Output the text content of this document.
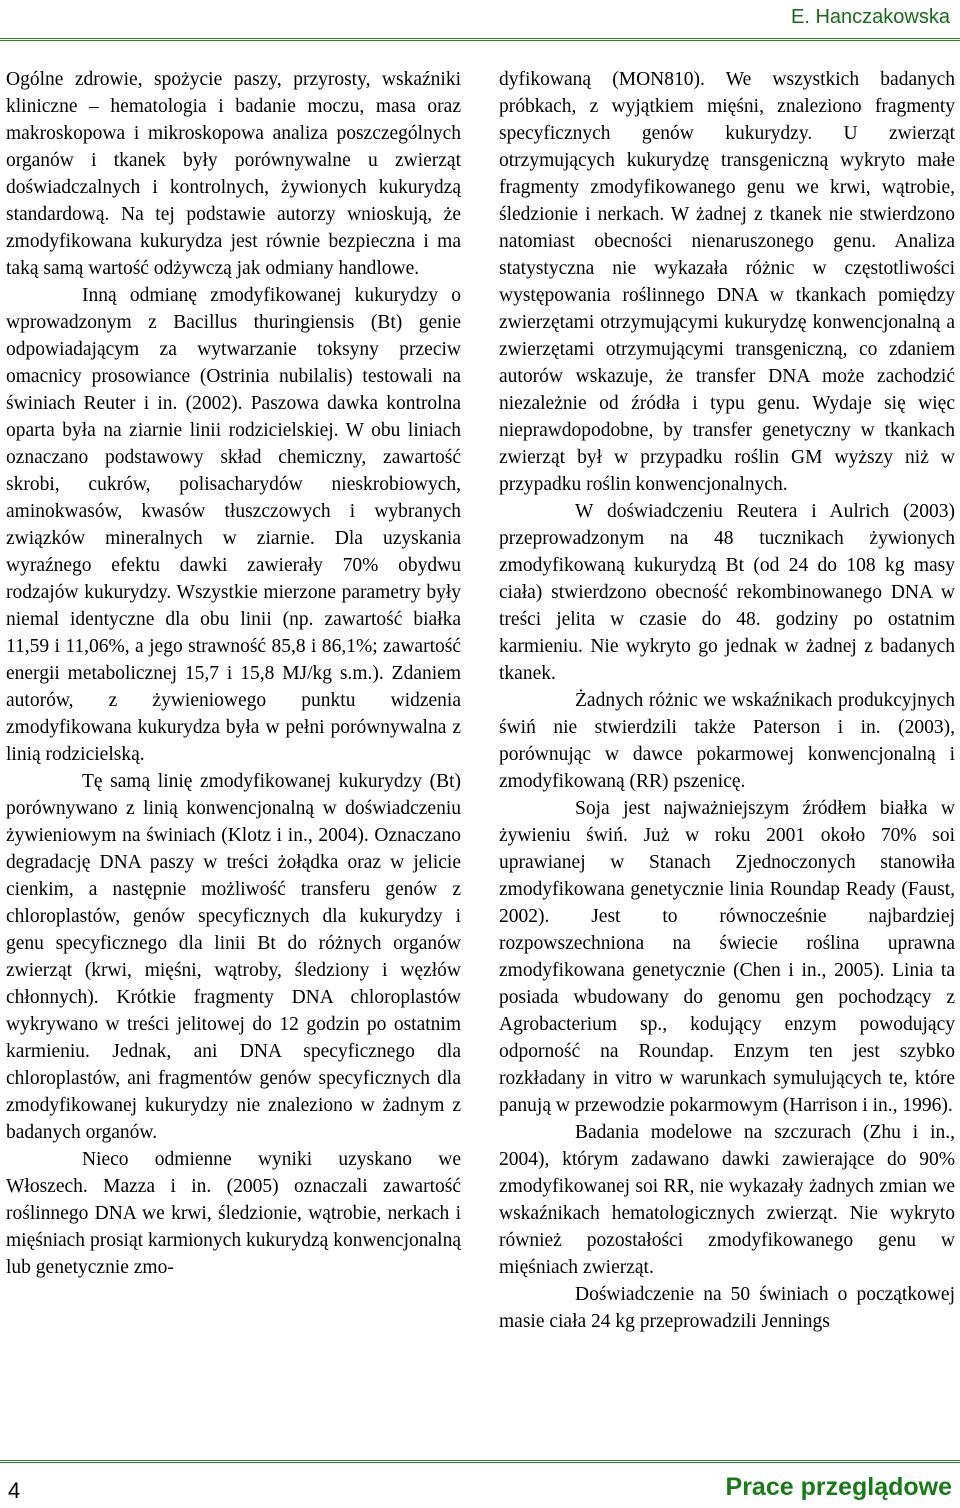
E. Hanczakowska

Ogólne zdrowie, spożycie paszy, przyrosty, wskaźniki kliniczne – hematologia i badanie moczu, masa oraz makroskopowa i mikroskopowa analiza poszczególnych organów i tkanek były porównywalne u zwierząt doświadczalnych i kontrolnych, żywionych kukurydzą standardową. Na tej podstawie autorzy wnioskują, że zmodyfikowana kukurydza jest równie bezpieczna i ma taką samą wartość odżywczą jak odmiany handlowe.

Inną odmianę zmodyfikowanej kukurydzy o wprowadzonym z Bacillus thuringiensis (Bt) genie odpowiadającym za wytwarzanie toksyny przeciw omacnicy prosowiance (Ostrinia nubilalis) testowali na świniach Reuter i in. (2002). Paszowa dawka kontrolna oparta była na ziarnie linii rodzicielskiej. W obu liniach oznaczano podstawowy skład chemiczny, zawartość skrobi, cukrów, polisacharydów nieskrobiowych, aminokwasów, kwasów tłuszczowych i wybranych związków mineralnych w ziarnie. Dla uzyskania wyraźnego efektu dawki zawierały 70% obydwu rodzajów kukurydzy. Wszystkie mierzone parametry były niemal identyczne dla obu linii (np. zawartość białka 11,59 i 11,06%, a jego strawność 85,8 i 86,1%; zawartość energii metabolicznej 15,7 i 15,8 MJ/kg s.m.). Zdaniem autorów, z żywieniowego punktu widzenia zmodyfikowana kukurydza była w pełni porównywalna z linią rodzicielską.

Tę samą linię zmodyfikowanej kukurydzy (Bt) porównywano z linią konwencjonalną w doświadczeniu żywieniowym na świniach (Klotz i in., 2004). Oznaczano degradację DNA paszy w treści żołądka oraz w jelicie cienkim, a następnie możliwość transferu genów z chloroplastów, genów specyficznych dla kukurydzy i genu specyficznego dla linii Bt do różnych organów zwierząt (krwi, mięśni, wątroby, śledziony i węzłów chłonnych). Krótkie fragmenty DNA chloroplastów wykrywano w treści jelitowej do 12 godzin po ostatnim karmieniu. Jednak, ani DNA specyficznego dla chloroplastów, ani fragmentów genów specyficznych dla zmodyfikowanej kukurydzy nie znaleziono w żadnym z badanych organów.

Nieco odmienne wyniki uzyskano we Włoszech. Mazza i in. (2005) oznaczali zawartość roślinnego DNA we krwi, śledzionie, wątrobie, nerkach i mięśniach prosiąt karmionych kukurydzą konwencjonalną lub genetycznie zmo-

dyfikowaną (MON810). We wszystkich badanych próbkach, z wyjątkiem mięśni, znaleziono fragmenty specyficznych genów kukurydzy. U zwierząt otrzymujących kukurydzę transgeniczną wykryto małe fragmenty zmodyfikowanego genu we krwi, wątrobie, śledzionie i nerkach. W żadnej z tkanek nie stwierdzono natomiast obecności nienaruszonego genu. Analiza statystyczna nie wykazała różnic w częstotliwości występowania roślinnego DNA w tkankach pomiędzy zwierzętami otrzymującymi kukurydzę konwencjonalną a zwierzętami otrzymującymi transgeniczną, co zdaniem autorów wskazuje, że transfer DNA może zachodzić niezależnie od źródła i typu genu. Wydaje się więc nieprawdopodobne, by transfer genetyczny w tkankach zwierząt był w przypadku roślin GM wyższy niż w przypadku roślin konwencjonalnych.

W doświadczeniu Reutera i Aulrich (2003) przeprowadzonym na 48 tucznikach żywionych zmodyfikowaną kukurydzą Bt (od 24 do 108 kg masy ciała) stwierdzono obecność rekombinowanego DNA w treści jelita w czasie do 48. godziny po ostatnim karmieniu. Nie wykryto go jednak w żadnej z badanych tkanek.

Żadnych różnic we wskaźnikach produkcyjnych świń nie stwierdzili także Paterson i in. (2003), porównując w dawce pokarmowej konwencjonalną i zmodyfikowaną (RR) pszenicę.

Soja jest najważniejszym źródłem białka w żywieniu świń. Już w roku 2001 około 70% soi uprawianej w Stanach Zjednoczonych stanowiła zmodyfikowana genetycznie linia Roundap Ready (Faust, 2002). Jest to równocześnie najbardziej rozpowszechniona na świecie roślina uprawna zmodyfikowana genetycznie (Chen i in., 2005). Linia ta posiada wbudowany do genomu gen pochodzący z Agrobacterium sp., kodujący enzym powodujący odporność na Roundap. Enzym ten jest szybko rozkładany in vitro w warunkach symulujących te, które panują w przewodzie pokarmowym (Harrison i in., 1996).

Badania modelowe na szczurach (Zhu i in., 2004), którym zadawano dawki zawierające do 90% zmodyfikowanej soi RR, nie wykazały żadnych zmian we wskaźnikach hematologicznych zwierząt. Nie wykryto również pozostałości zmodyfikowanego genu w mięśniach zwierząt.

Doświadczenie na 50 świniach o początkowej masie ciała 24 kg przeprowadzili Jennings

4	Prace przeglądowe
